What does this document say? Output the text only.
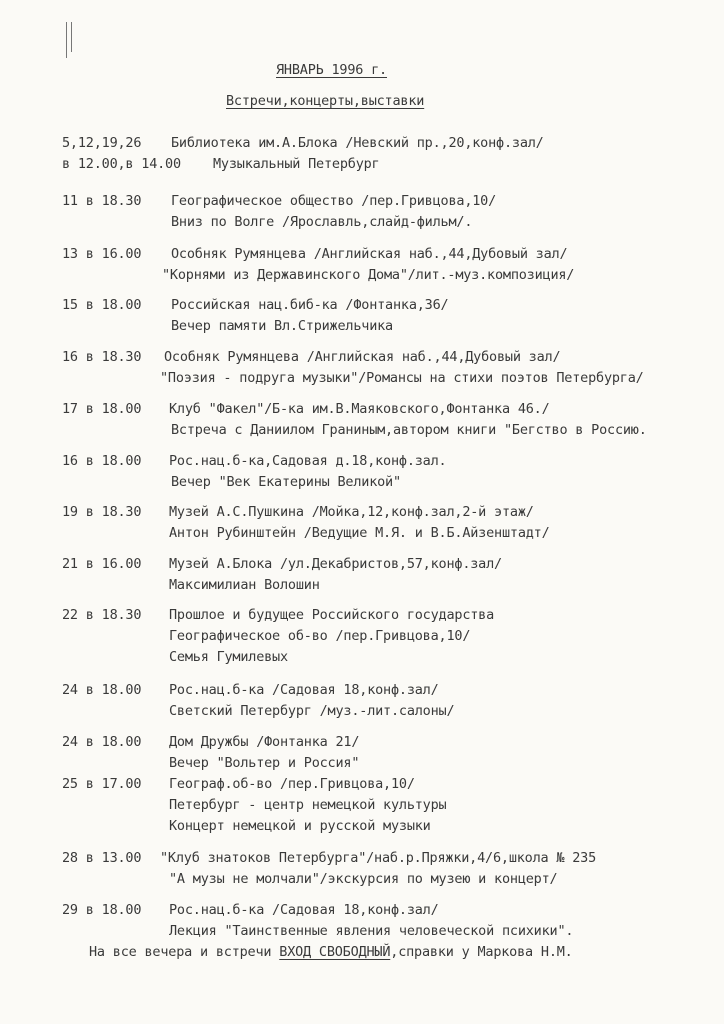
ЯНВАРЬ 1996 г.
Встречи,концерты,выставки
5,12,19,26 Библиотека им.А.Блока /Невский пр.,20,конф.зал/
в 12.00,в 14.00 Музыкальный Петербург
11 в 18.30 Географическое общество /пер.Гривцова,10/
Вниз по Волге /Ярославль,слайд-фильм/.
13 в 16.00 Особняк Румянцева /Английская наб.,44,Дубовый зал/
"Корнями из Державинского Дома"/лит.-муз.композиция/
15 в 18.00 Российская нац.биб-ка /Фонтанка,36/
Вечер памяти Вл.Стрижельчика
16 в 18.30 Особняк Румянцева /Английская наб.,44,Дубовый зал/
"Поэзия - подруга музыки"/Романсы на стихи поэтов Петербурга/
17 в 18.00 Клуб "Факел"/Б-ка им.В.Маяковского,Фонтанка 46./
Встреча с Даниилом Граниным,автором книги "Бегство в Россию.
16 в 18.00 Рос.нац.б-ка,Садовая д.18,конф.зал.
Вечер "Век Екатерины Великой"
19 в 18.30 Музей А.С.Пушкина /Мойка,12,конф.зал,2-й этаж/
Антон Рубинштейн /Ведущие М.Я. и В.Б.Айзенштадт/
21 в 16.00 Музей А.Блока /ул.Декабристов,57,конф.зал/
Максимилиан Волошин
22 в 18.30 Прошлое и будущее Российского государства
Географическое об-во /пер.Гривцова,10/
Семья Гумилевых
24 в 18.00 Рос.нац.б-ка /Садовая 18,конф.зал/
Светский Петербург /муз.-лит.салоны/
24 в 18.00 Дом Дружбы /Фонтанка 21/
Вечер "Вольтер и Россия"
25 в 17.00 Географ.об-во /пер.Гривцова,10/
Петербург - центр немецкой культуры
Концерт немецкой и русской музыки
28 в 13.00 "Клуб знатоков Петербурга"/наб.р.Пряжки,4/6,школа № 235
"А музы не молчали"/экскурсия по музею и концерт/
29 в 18.00 Рос.нац.б-ка /Садовая 18,конф.зал/
Лекция "Таинственные явления человеческой психики".
На все вечера и встречи ВХОД СВОБОДНЫЙ,справки у Маркова Н.М.
